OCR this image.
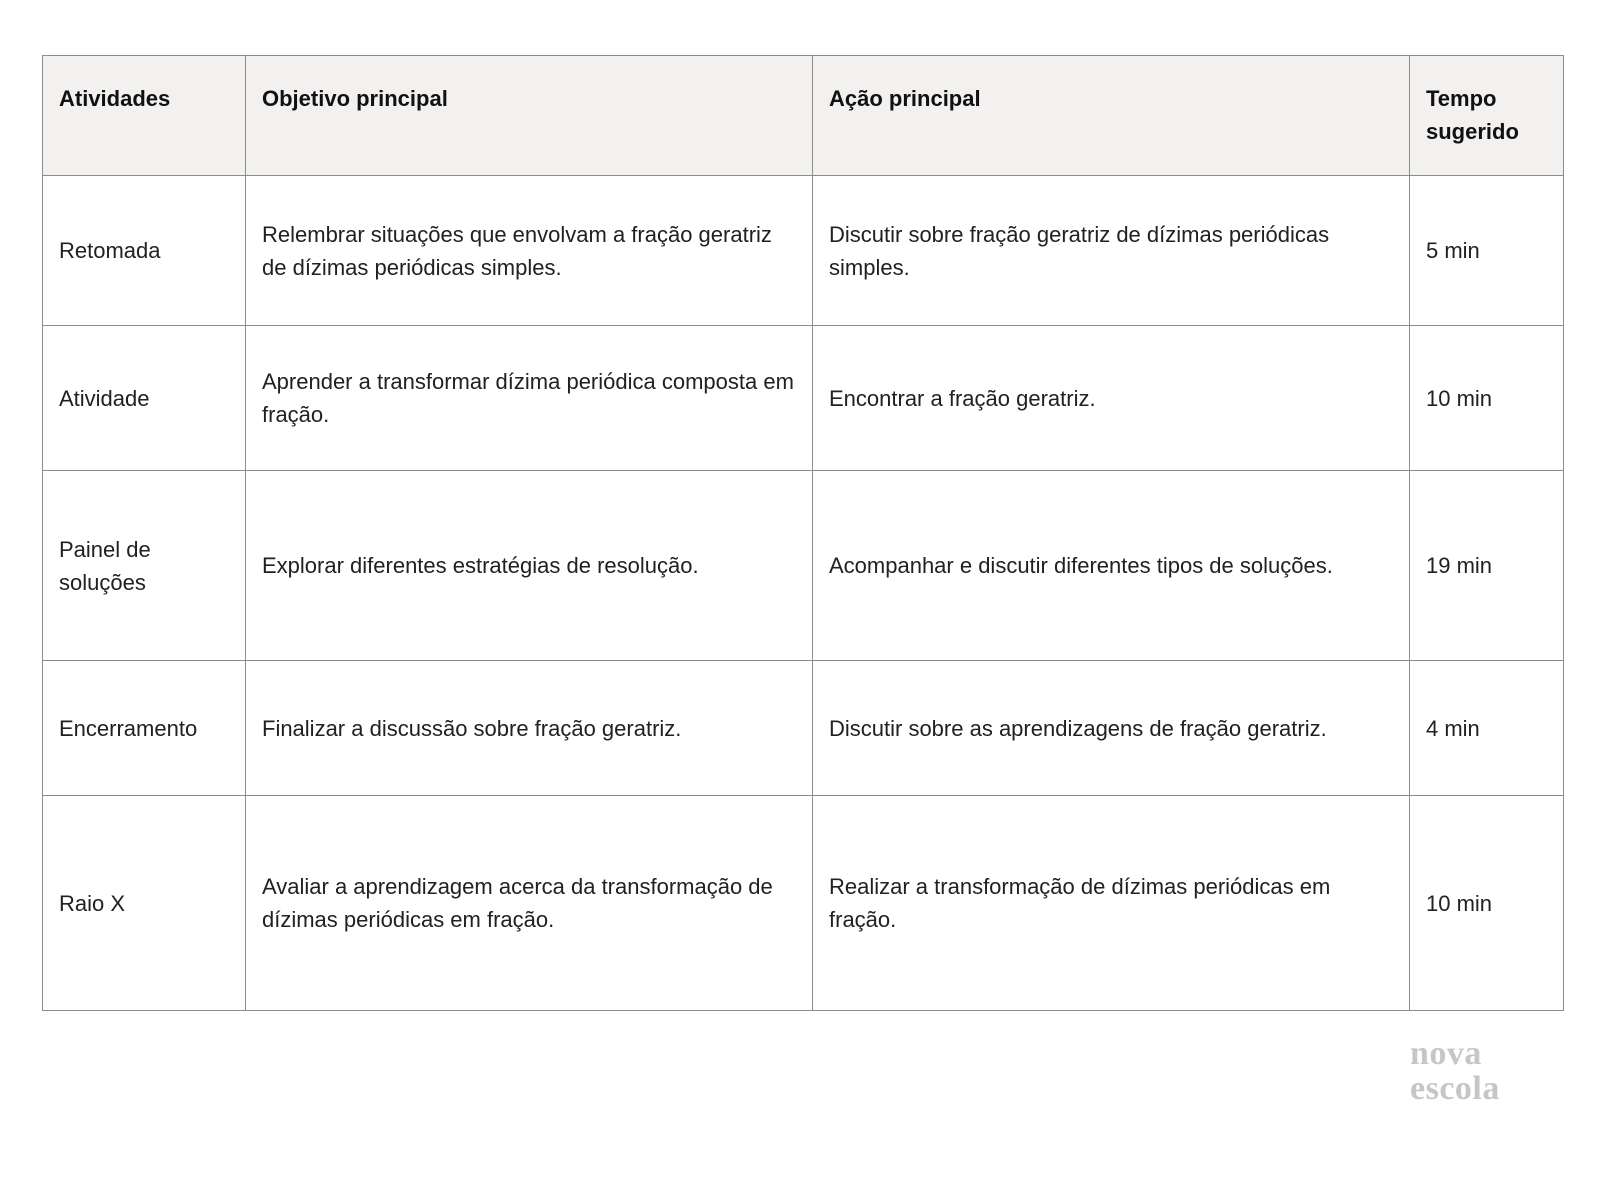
Atividades	Objetivo principal	Ação principal	Tempo sugerido
Retomada	Relembrar situações que envolvam a fração geratriz de dízimas periódicas simples.	Discutir sobre fração geratriz de dízimas periódicas simples.	5 min
Atividade	Aprender a transformar dízima periódica composta em fração.	Encontrar a fração geratriz.	10 min
Painel de soluções	Explorar diferentes estratégias de resolução.	Acompanhar e discutir diferentes tipos de soluções.	19 min
Encerramento	Finalizar a discussão sobre fração geratriz.	Discutir sobre as aprendizagens de fração geratriz.	4 min
Raio X	Avaliar a aprendizagem acerca da transformação de dízimas periódicas em fração.	Realizar a transformação de dízimas periódicas em fração.	10 min
nova
escola
